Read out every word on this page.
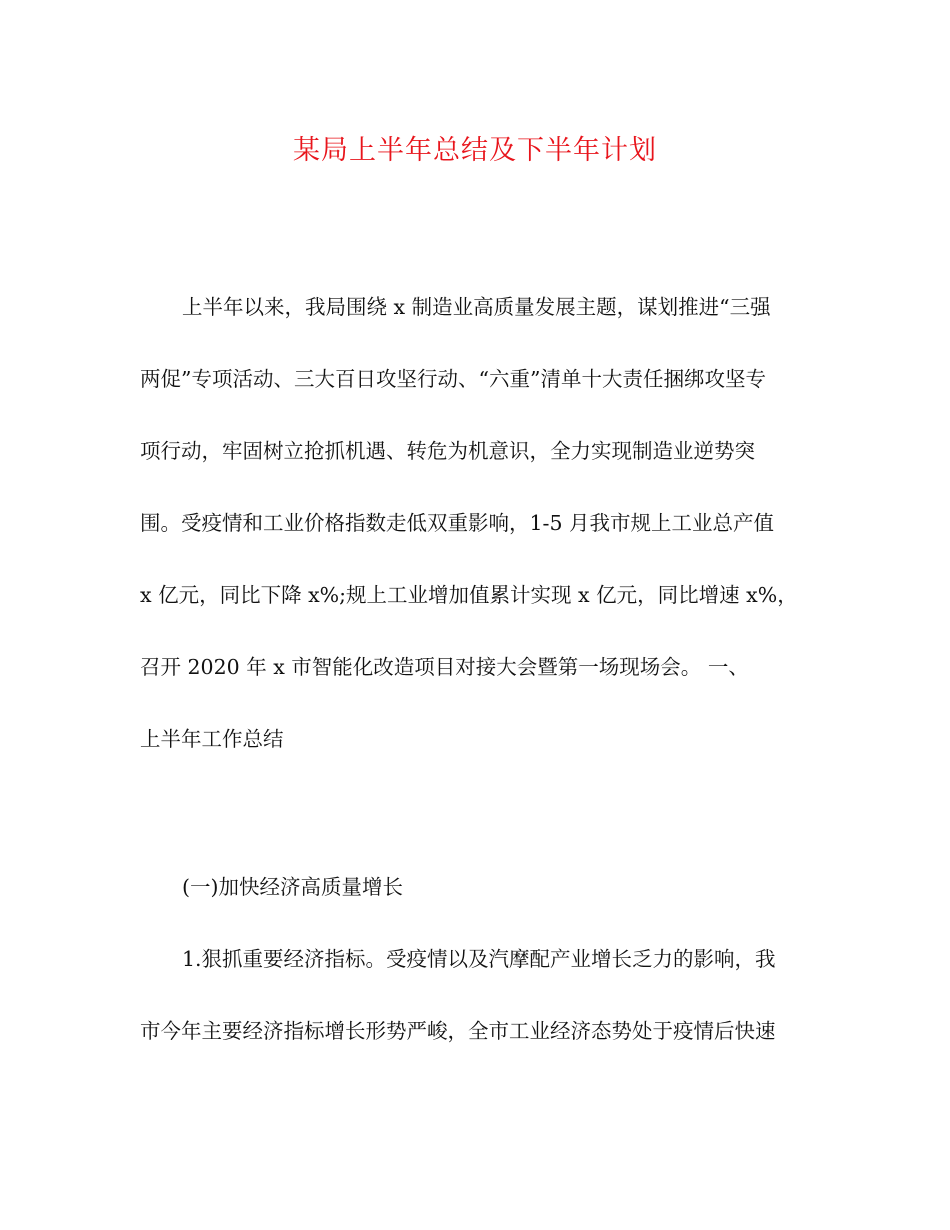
某局上半年总结及下半年计划

上半年以来，我局围绕 x 制造业高质量发展主题，谋划推进“三强

两促”专项活动、三大百日攻坚行动、“六重”清单十大责任捆绑攻坚专

项行动，牢固树立抢抓机遇、转危为机意识，全力实现制造业逆势突

围。受疫情和工业价格指数走低双重影响，1-5 月我市规上工业总产值

x 亿元，同比下降 x%;规上工业增加值累计实现 x 亿元，同比增速 x%，

召开 2020 年 x 市智能化改造项目对接大会暨第一场现场会。 一、

上半年工作总结

(一)加快经济高质量增长

1.狠抓重要经济指标。受疫情以及汽摩配产业增长乏力的影响，我

市今年主要经济指标增长形势严峻，全市工业经济态势处于疫情后快速
